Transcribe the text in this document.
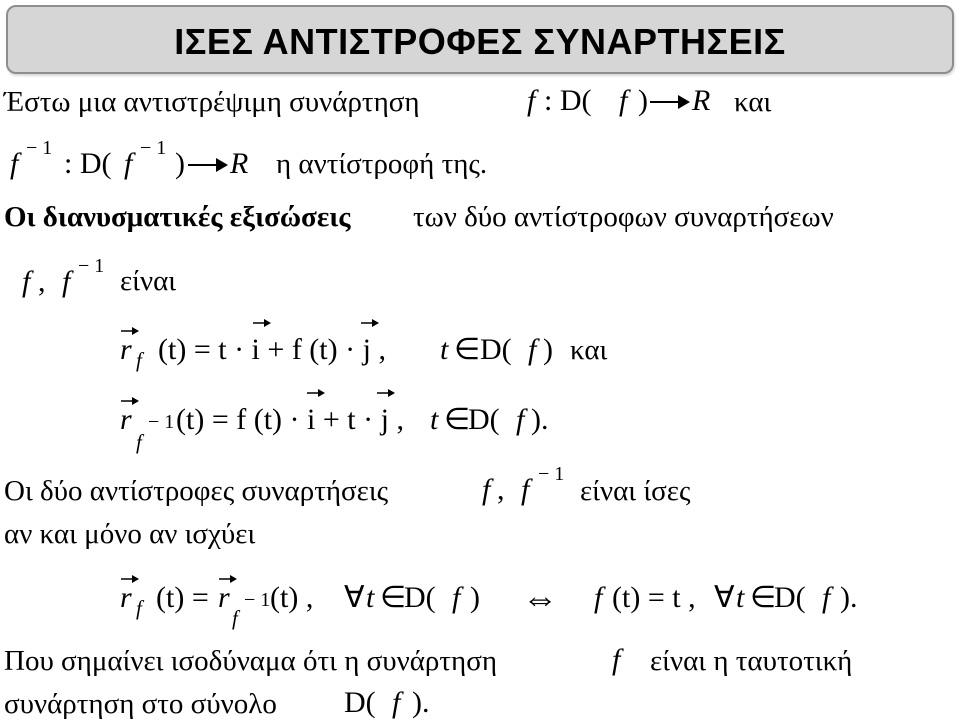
ΙΣΕΣ ΑΝΤΙΣΤΡΟΦΕΣ ΣΥΝΑΡΤΗΣΕΙΣ
Έστω μια αντιστρέψιμη συνάρτηση	f : D( f ) R και
f − 1 : D( f − 1 ) R η αντίστροφή της.
Οι διανυσματικές εξισώσεις των δύο αντίστροφων συναρτήσεων
f , f − 1 είναι
r f (t) = t · i + f (t) · j , t ∈ D( f ) και
r − 1
f
(t) = f (t) · i + t · j , t ∈
D( f ).
Οι δύο αντίστροφες συναρτήσεις	f , f − 1
είναι ίσες
αν και μόνο αν ισχύει
r f (t) = r − 1
f
(t) , ∀ t ∈
D( f ) ⇔ f (t) = t , ∀ t ∈
D( f ).
Που σημαίνει ισοδύναμα ότι η συνάρτηση	f είναι η ταυτοτική
συνάρτηση στο σύνολο D( f ).
